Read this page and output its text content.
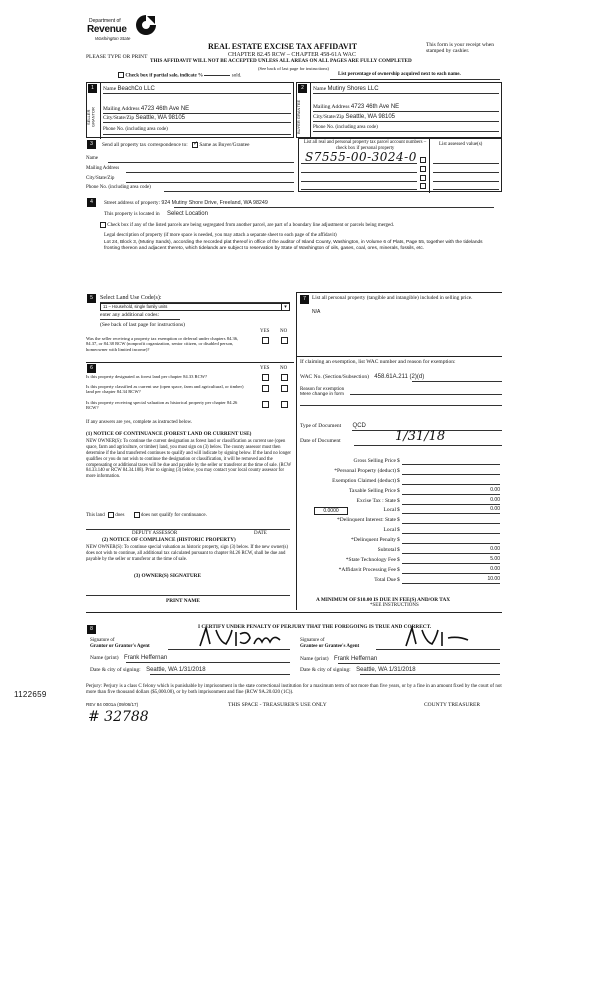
Department of
Revenue
Washington State
PLEASE TYPE OR PRINT
REAL ESTATE EXCISE TAX AFFIDAVIT
CHAPTER 82.45 RCW – CHAPTER 458-61A WAC
THIS AFFIDAVIT WILL NOT BE ACCEPTED UNLESS ALL AREAS ON ALL PAGES ARE FULLY COMPLETED
(See back of last page for instructions)
This form is your receipt when stamped by cashier.
Check box if partial sale, indicate %	sold.	List percentage of ownership acquired next to each name.
1
SELLER GRANTOR
Name BeachCo LLC
Mailing Address 4723 46th Ave NE
City/State/Zip Seattle, WA 98105
Phone No. (including area code)
2
BUYER GRANTEE
Name Mutiny Shores LLC
Mailing Address 4723 46th Ave NE
City/State/Zip Seattle, WA 98105
Phone No. (including area code)
3	Send all property tax correspondence to: ✓ Same as Buyer/Grantee
Name
Mailing Address
City/State/Zip
Phone No. (including area code)
List all real and personal property tax parcel account numbers – check box if personal property
List assessed value(s)
S7555-00-3024-0
4	Street address of property: 924 Mutiny Shore Drive, Freeland, WA 98249
This property is located in Select Location
Check box if any of the listed parcels are being segregated from another parcel, are part of a boundary line adjustment or parcels being merged.
Legal description of property (if more space is needed, you may attach a separate sheet to each page of the affidavit)
Lot 24, Block 3, (Mutiny Sands), according the recorded plat thereof in office of the auditor of Island County, Washington, in Volume 6 of Plats, Page 55, together with the tidelands fronting thereon and adjacent thereto, which tidelands are subject to reservation by State of Washington of oils, gases, coal, ores, minerals, fossils, etc.
5	Select Land Use Code(s):
11 – Household, single family units	▾
enter any additional codes:
(See back of last page for instructions)
YES NO
Was the seller receiving a property tax exemption or deferral under chapters 84.36, 84.37, or 84.38 RCW (nonprofit organization, senior citizen, or disabled person, homeowner with limited income)?
6	YES NO
Is this property designated as forest land per chapter 84.33 RCW?
Is this property classified as current use (open space, farm and agricultural, or timber) land per chapter 84.34 RCW?
Is this property receiving special valuation as historical property per chapter 84.26 RCW?
If any answers are yes, complete as instructed below.
(1) NOTICE OF CONTINUANCE (FOREST LAND OR CURRENT USE)
NEW OWNER(S): To continue the current designation as forest land or classification as current use (open space, farm and agriculture, or timber) land, you must sign on (3) below. The county assessor must then determine if the land transferred continues to qualify and will indicate by signing below. If the land no longer qualifies or you do not wish to continue the designation or classification, it will be removed and the compensating or additional taxes will be due and payable by the seller or transferor at the time of sale. (RCW 84.33.140 or RCW 84.34.108). Prior to signing (3) below, you may contact your local county assessor for more information.
This land does	does not qualify for continuance.
DEPUTY ASSESSOR	DATE
(2) NOTICE OF COMPLIANCE (HISTORIC PROPERTY)
NEW OWNER(S): To continue special valuation as historic property, sign (3) below. If the new owner(s) does not wish to continue, all additional tax calculated pursuant to chapter 84.26 RCW, shall be due and payable by the seller or transferor at the time of sale.
(3) OWNER(S) SIGNATURE
PRINT NAME
7	List all personal property (tangible and intangible) included in selling price.
N/A
If claiming an exemption, list WAC number and reason for exemption:
WAC No. (Section/Subsection) 458.61A.211 (2)(d)
Reason for exemption
Mere change in form
Type of Document QCD
Date of Document	1/31/18
Gross Selling Price $
*Personal Property (deduct) $
Exemption Claimed (deduct) $
Taxable Selling Price $	0.00
Excise Tax : State $	0.00
0.0000	Local $	0.00
*Delinquent Interest: State $
Local $
*Delinquent Penalty $
Subtotal $	0.00
*State Technology Fee $	5.00
*Affidavit Processing Fee $	0.00
Total Due $	10.00
A MINIMUM OF $10.00 IS DUE IN FEE(S) AND/OR TAX
*SEE INSTRUCTIONS
8	I CERTIFY UNDER PENALTY OF PERJURY THAT THE FOREGOING IS TRUE AND CORRECT.
Signature of
Grantor or Grantor's Agent
Name (print) Frank Heffernan
Date & city of signing: Seattle, WA 1/31/2018
Signature of
Grantee or Grantee's Agent
Name (print) Frank Heffernan
Date & city of signing: Seattle, WA 1/31/2018
Perjury: Perjury is a class C felony which is punishable by imprisonment in the state correctional institution for a maximum term of not more than five years, or by a fine in an amount fixed by the court of not more than five thousand dollars ($5,000.00), or by both imprisonment and fine (RCW 9A.20.020 (1C)).
1122659
REV 84 0001a (09/06/17)	THIS SPACE - TREASURER'S USE ONLY	COUNTY TREASURER
# 32788
